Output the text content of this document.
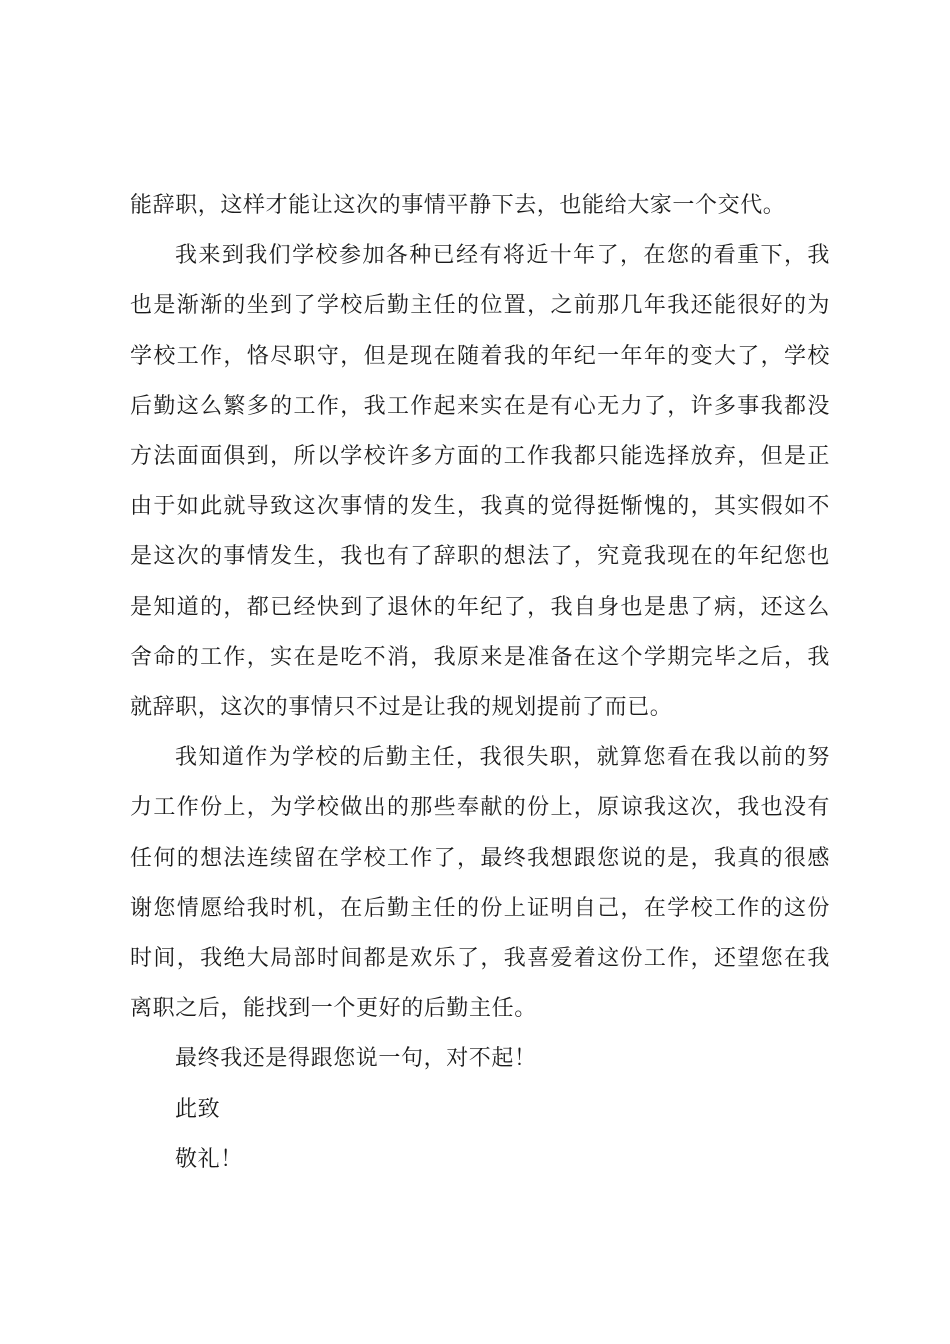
能辞职，这样才能让这次的事情平静下去，也能给大家一个交代。

我来到我们学校参加各种已经有将近十年了，在您的看重下，我也是渐渐的坐到了学校后勤主任的位置，之前那几年我还能很好的为学校工作，恪尽职守，但是现在随着我的年纪一年年的变大了，学校后勤这么繁多的工作，我工作起来实在是有心无力了，许多事我都没方法面面俱到，所以学校许多方面的工作我都只能选择放弃，但是正由于如此就导致这次事情的发生，我真的觉得挺惭愧的，其实假如不是这次的事情发生，我也有了辞职的想法了，究竟我现在的年纪您也是知道的，都已经快到了退休的年纪了，我自身也是患了病，还这么舍命的工作，实在是吃不消，我原来是准备在这个学期完毕之后，我就辞职，这次的事情只不过是让我的规划提前了而已。

我知道作为学校的后勤主任，我很失职，就算您看在我以前的努力工作份上，为学校做出的那些奉献的份上，原谅我这次，我也没有任何的想法连续留在学校工作了，最终我想跟您说的是，我真的很感谢您情愿给我时机，在后勤主任的份上证明自己，在学校工作的这份时间，我绝大局部时间都是欢乐了，我喜爱着这份工作，还望您在我离职之后，能找到一个更好的后勤主任。

最终我还是得跟您说一句，对不起！

此致

敬礼！
